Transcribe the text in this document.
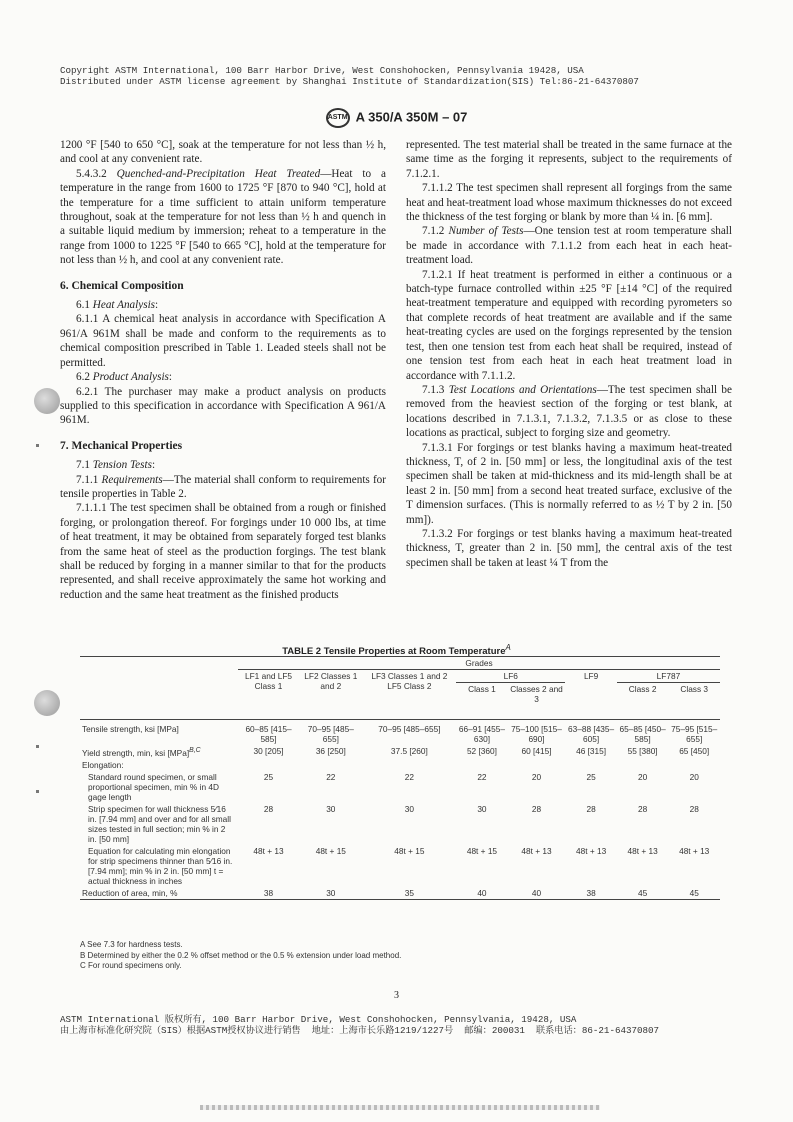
Copyright ASTM International, 100 Barr Harbor Drive, West Conshohocken, Pennsylvania 19428, USA
Distributed under ASTM license agreement by Shanghai Institute of Standardization(SIS) Tel:86-21-64370807
ASTM A 350/A 350M – 07

1200 °F [540 to 650 °C], soak at the temperature for not less than ½ h, and cool at any convenient rate.

5.4.3.2 Quenched-and-Precipitation Heat Treated—Heat to a temperature in the range from 1600 to 1725 °F [870 to 940 °C], hold at the temperature for a time sufficient to attain uniform temperature throughout, soak at the temperature for not less than ½ h and quench in a suitable liquid medium by immersion; reheat to a temperature in the range from 1000 to 1225 °F [540 to 665 °C], hold at the temperature for not less than ½ h, and cool at any convenient rate.

6. Chemical Composition

6.1 Heat Analysis:

6.1.1 A chemical heat analysis in accordance with Specification A 961/A 961M shall be made and conform to the requirements as to chemical composition prescribed in Table 1. Leaded steels shall not be permitted.

6.2 Product Analysis:

6.2.1 The purchaser may make a product analysis on products supplied to this specification in accordance with Specification A 961/A 961M.

7. Mechanical Properties

7.1 Tension Tests:

7.1.1 Requirements—The material shall conform to requirements for tensile properties in Table 2.

7.1.1.1 The test specimen shall be obtained from a rough or finished forging, or prolongation thereof. For forgings under 10 000 lbs, at time of heat treatment, it may be obtained from separately forged test blanks from the same heat of steel as the production forgings. The test blank shall be reduced by forging in a manner similar to that for the products represented, and shall receive approximately the same hot working and reduction and the same heat treatment as the finished products

represented. The test material shall be treated in the same furnace at the same time as the forging it represents, subject to the requirements of 7.1.2.1.

7.1.1.2 The test specimen shall represent all forgings from the same heat and heat-treatment load whose maximum thicknesses do not exceed the thickness of the test forging or blank by more than ¼ in. [6 mm].

7.1.2 Number of Tests—One tension test at room temperature shall be made in accordance with 7.1.1.2 from each heat in each heat-treatment load.

7.1.2.1 If heat treatment is performed in either a continuous or a batch-type furnace controlled within ±25 °F [±14 °C] of the required heat-treatment temperature and equipped with recording pyrometers so that complete records of heat treatment are available and if the same heat-treating cycles are used on the forgings represented by the tension test, then one tension test from each heat shall be required, instead of one tension test from each heat in each heat treatment load in accordance with 7.1.1.2.

7.1.3 Test Locations and Orientations—The test specimen shall be removed from the heaviest section of the forging or test blank, at locations described in 7.1.3.1, 7.1.3.2, 7.1.3.5 or as close to these locations as practical, subject to forging size and geometry.

7.1.3.1 For forgings or test blanks having a maximum heat-treated thickness, T, of 2 in. [50 mm] or less, the longitudinal axis of the test specimen shall be taken at mid-thickness and its mid-length shall be at least 2 in. [50 mm] from a second heat treated surface, exclusive of the T dimension surfaces. (This is normally referred to as ½ T by 2 in. [50 mm]).

7.1.3.2 For forgings or test blanks having a maximum heat-treated thickness, T, greater than 2 in. [50 mm], the central axis of the test specimen shall be taken at least ¼ T from the

TABLE 2 Tensile Properties at Room Temperature$^A$
	Grades							
	LF1 and LF5 Class 1	LF2 Classes 1 and 2	LF3 Classes 1 and 2 LF5 Class 2	LF6		LF9	LF787	
				Class 1	Classes 2 and 3		Class 2	Class 3
Tensile strength, ksi [MPa]	60–85 [415–585]	70–95 [485–655]	70–95 [485–655]	66–91 [455–630]	75–100 [515–690]	63–88 [435–605]	65–85 [450–585]	75–95 [515–655]
Yield strength, min, ksi [MPa]$^{B,C}$	30 [205]	36 [250]	37.5 [260]	52 [360]	60 [415]	46 [315]	55 [380]	65 [450]
Elongation:								
Standard round specimen, or small proportional specimen, min % in 4D gage length	25	22	22	22	20	25	20	20
Strip specimen for wall thickness 5⁄16 in. [7.94 mm] and over and for all small sizes tested in full section; min % in 2 in. [50 mm]	28	30	30	30	28	28	28	28
Equation for calculating min elongation for strip specimens thinner than 5⁄16 in. [7.94 mm]; min % in 2 in. [50 mm] t = actual thickness in inches	48t + 13	48t + 15	48t + 15	48t + 15	48t + 13	48t + 13	48t + 13	48t + 13
Reduction of area, min, %	38	30	35	40	40	38	45	45
A See 7.3 for hardness tests.
B Determined by either the 0.2 % offset method or the 0.5 % extension under load method.
C For round specimens only.
3
ASTM International 版权所有, 100 Barr Harbor Drive, West Conshohocken, Pennsylvania, 19428, USA
由上海市标准化研究院（SIS）根据ASTM授权协议进行销售  地址：上海市长乐路1219/1227号  邮编：200031  联系电话：86-21-64370807
